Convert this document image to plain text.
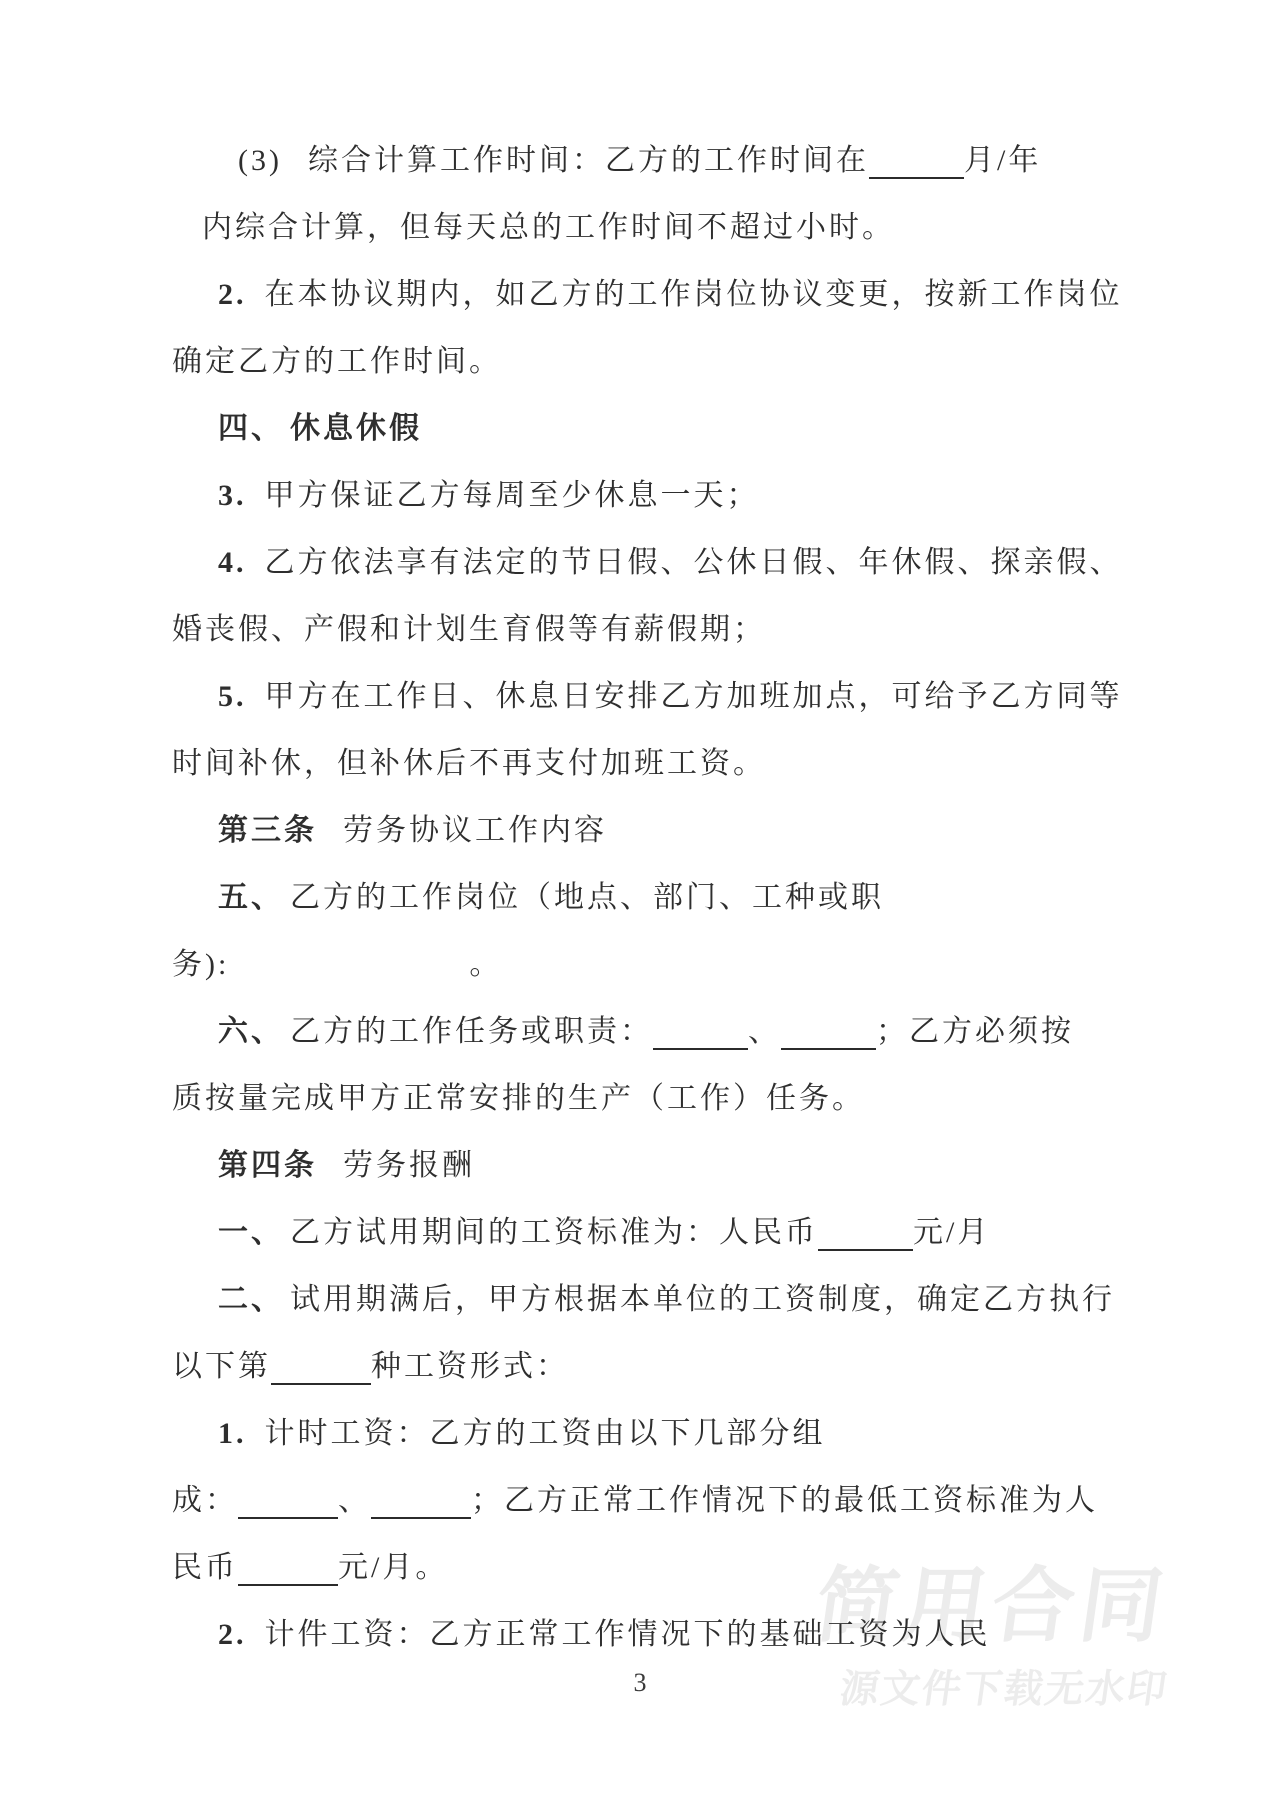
(3) 综合计算工作时间：乙方的工作时间在	月/年
内综合计算，但每天总的工作时间不超过小时。
2. 在本协议期内，如乙方的工作岗位协议变更，按新工作岗位
确定乙方的工作时间。
四、 休息休假
3. 甲方保证乙方每周至少休息一天；
4. 乙方依法享有法定的节日假、公休日假、年休假、探亲假、
婚丧假、产假和计划生育假等有薪假期；
5. 甲方在工作日、休息日安排乙方加班加点，可给予乙方同等
时间补休，但补休后不再支付加班工资。
第三条 劳务协议工作内容
五、 乙方的工作岗位（地点、部门、工种或职
务):	。
六、 乙方的工作任务或职责：	、	；乙方必须按
质按量完成甲方正常安排的生产（工作）任务。
第四条 劳务报酬
一、 乙方试用期间的工资标准为：人民币	元/月
二、 试用期满后，甲方根据本单位的工资制度，确定乙方执行
以下第	种工资形式：
1. 计时工资：乙方的工资由以下几部分组
成：	、	；乙方正常工作情况下的最低工资标准为人
民币	元/月。
2. 计件工资：乙方正常工作情况下的基础工资为人民
简用合同
源文件下载无水印
3
